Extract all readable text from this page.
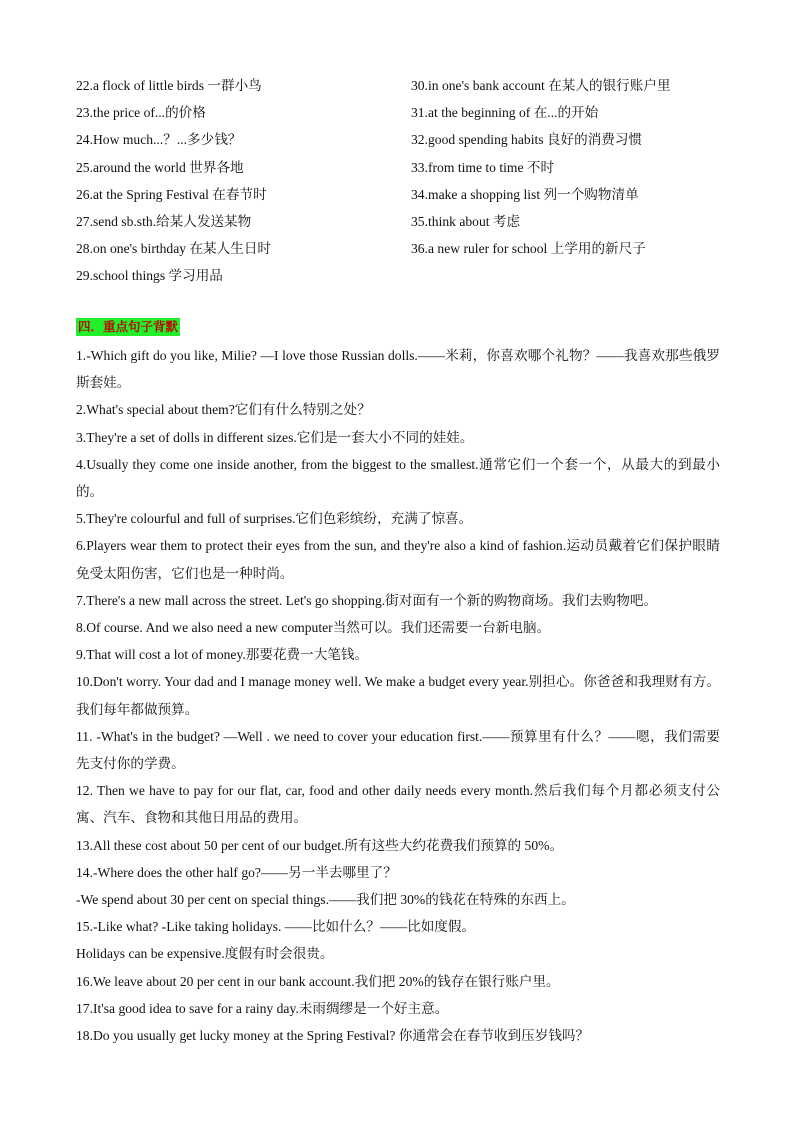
22.a flock of little birds 一群小鸟
23.the price of...的价格
24.How much...？...多少钱？
25.around the world 世界各地
26.at the Spring Festival 在春节时
27.send sb.sth.给某人发送某物
28.on one's birthday 在某人生日时
29.school things 学习用品
30.in one's bank account 在某人的银行账户里
31.at the beginning of 在...的开始
32.good spending habits 良好的消费习惯
33.from time to time 不时
34.make a shopping list 列一个购物清单
35.think about 考虑
36.a new ruler for school 上学用的新尺子
四．重点句子背默
1.-Which gift do you like, Milie? —I love those Russian dolls.——米莉，你喜欢哪个礼物？——我喜欢那些俄罗斯套娃。
2.What's special about them?它们有什么特别之处？
3.They're a set of dolls in different sizes.它们是一套大小不同的娃娃。
4.Usually they come one inside another, from the biggest to the smallest.通常它们一个套一个，从最大的到最小的。
5.They're colourful and full of surprises.它们色彩缤纷，充满了惊喜。
6.Players wear them to protect their eyes from the sun, and they're also a kind of fashion.运动员戴着它们保护眼睛免受太阳伤害，它们也是一种时尚。
7.There's a new mall across the street. Let's go shopping.街对面有一个新的购物商场。我们去购物吧。
8.Of course. And we also need a new computer当然可以。我们还需要一台新电脑。
9.That will cost a lot of money.那要花费一大笔钱。
10.Don't worry. Your dad and I manage money well. We make a budget every year.别担心。你爸爸和我理财有方。我们每年都做预算。
11. -What's in the budget? —Well . we need to cover your education first.——预算里有什么？——嗯，我们需要先支付你的学费。
12. Then we have to pay for our flat, car, food and other daily needs every month.然后我们每个月都必须支付公寓、汽车、食物和其他日用品的费用。
13.All these cost about 50 per cent of our budget.所有这些大约花费我们预算的 50%。
14.-Where does the other half go?——另一半去哪里了？
-We spend about 30 per cent on special things.——我们把 30%的钱花在特殊的东西上。
15.-Like what? -Like taking holidays. ——比如什么？——比如度假。
Holidays can be expensive.度假有时会很贵。
16.We leave about 20 per cent in our bank account.我们把 20%的钱存在银行账户里。
17.It'sa good idea to save for a rainy day.未雨绸缪是一个好主意。
18.Do you usually get lucky money at the Spring Festival? 你通常会在春节收到压岁钱吗？
